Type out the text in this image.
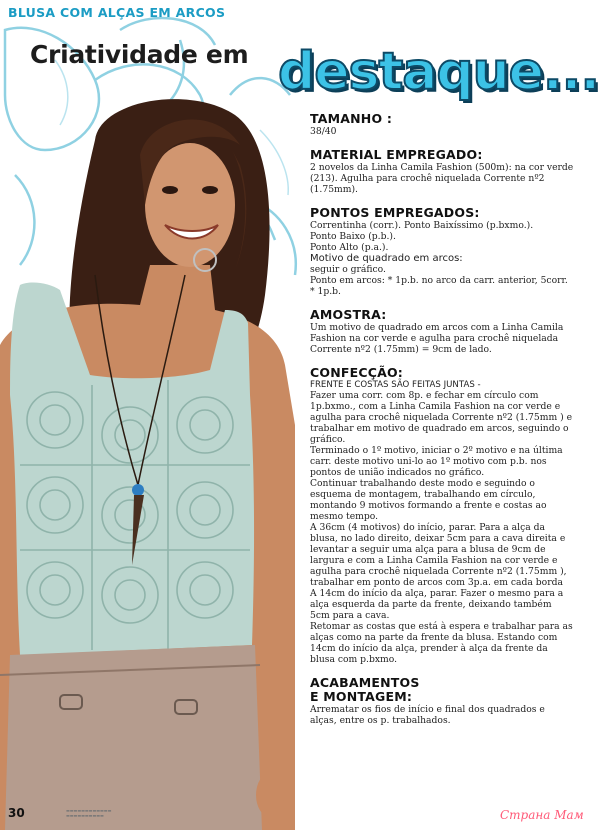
BLUSA COM ALÇAS EM ARCOS
Criatividade em destaque...
TAMANHO :
38/40
MATERIAL EMPREGADO:
2 novelos da Linha Camila Fashion (500m): na cor verde (213). Agulha para crochê niquelada Corrente nº2 (1.75mm).
PONTOS EMPREGADOS:
Correntinha (corr.). Ponto Baixíssimo (p.bxmo.).
Ponto Baixo (p.b.).
Ponto Alto (p.a.).
Motivo de quadrado em arcos:
seguir o gráfico.
Ponto em arcos: * 1p.b. no arco da carr. anterior, 5corr. * 1p.b.
AMOSTRA:
Um motivo de quadrado em arcos com a Linha Camila Fashion na cor verde e agulha para crochê niquelada Corrente nº2 (1.75mm) = 9cm de lado.
CONFECÇÃO:
FRENTE E COSTAS SÃO FEITAS JUNTAS -
Fazer uma corr. com 8p. e fechar em círculo com 1p.bxmo., com a Linha Camila Fashion na cor verde e agulha para crochê niquelada Corrente nº2 (1.75mm ) e trabalhar em motivo de quadrado em arcos, seguindo o gráfico.
Terminado o 1º motivo, iniciar o 2º motivo e na última carr. deste motivo uni-lo ao 1º motivo com p.b. nos pontos de união indicados no gráfico.
Continuar trabalhando deste modo e seguindo o esquema de montagem, trabalhando em círculo, montando 9 motivos formando a frente e costas ao mesmo tempo.
A 36cm (4 motivos) do início, parar. Para a alça da blusa, no lado direito, deixar 5cm para a cava direita e levantar a seguir uma alça para a blusa de 9cm de largura e com a Linha Camila Fashion na cor verde e agulha para crochê niquelada Corrente nº2 (1.75mm ), trabalhar em ponto de arcos com 3p.a. em cada borda
A 14cm do início da alça, parar. Fazer o mesmo para a alça esquerda da parte da frente, deixando também 5cm para a cava.
Retomar as costas que está à espera e trabalhar para as alças como na parte da frente da blusa. Estando com 14cm do início da alça, prender à alça da frente da blusa com p.bxmo.
ACABAMENTOS
E MONTAGEM:
Arrematar os fios de início e final dos quadrados e alças, entre os p. trabalhados.
30	▬▬▬▬▬▬▬▬▬▬▬▬
▬▬▬▬▬▬▬▬▬▬	Страна Мам
